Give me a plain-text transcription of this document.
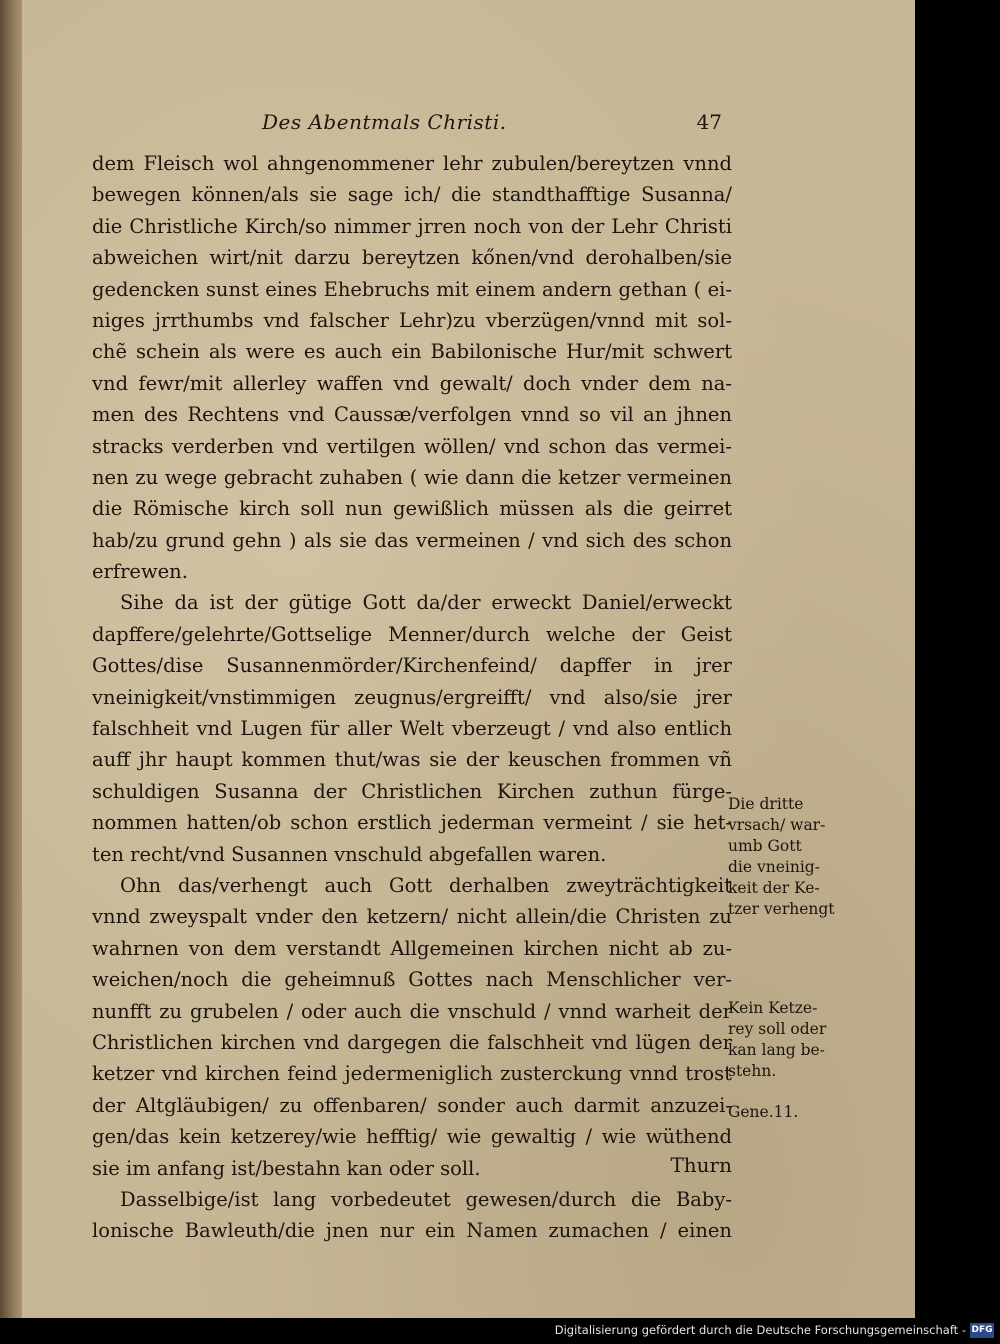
Des Abentmals Christi.	47
dem Fleisch wol ahngenommener lehr zubulen/bereytzen vnnd
bewegen können/als sie sage ich/ die standthafftige Susanna/
die Christliche Kirch/so nimmer jrren noch von der Lehr Christi
abweichen wirt/nit darzu bereytzen kőnen/vnd derohalben/sie
gedencken sunst eines Ehebruchs mit einem andern gethan ( ei-
niges jrrthumbs vnd falscher Lehr)zu vberzügen/vnnd mit sol-
chẽ schein als were es auch ein Babilonische Hur/mit schwert
vnd fewr/mit allerley waffen vnd gewalt/ doch vnder dem na-
men des Rechtens vnd Caussæ/verfolgen vnnd so vil an jhnen
stracks verderben vnd vertilgen wöllen/ vnd schon das vermei-
nen zu wege gebracht zuhaben ( wie dann die ketzer vermeinen
die Römische kirch soll nun gewißlich müssen als die geirret
hab/zu grund gehn ) als sie das vermeinen / vnd sich des schon
erfrewen.
Sihe da ist der gütige Gott da/der erweckt Daniel/erweckt
dapffere/gelehrte/Gottselige Menner/durch welche der Geist
Gottes/dise Susannenmörder/Kirchenfeind/ dapffer in jrer
vneinigkeit/vnstimmigen zeugnus/ergreifft/ vnd also/sie jrer
falschheit vnd Lugen für aller Welt vberzeugt / vnd also entlich
auff jhr haupt kommen thut/was sie der keuschen frommen vñ
schuldigen Susanna der Christlichen Kirchen zuthun fürge-
nommen hatten/ob schon erstlich jederman vermeint / sie het-
ten recht/vnd Susannen vnschuld abgefallen waren.
Ohn das/verhengt auch Gott derhalben zweyträchtigkeit
vnnd zweyspalt vnder den ketzern/ nicht allein/die Christen zu
wahrnen von dem verstandt Allgemeinen kirchen nicht ab zu-
weichen/noch die geheimnuß Gottes nach Menschlicher ver-
nunfft zu grubelen / oder auch die vnschuld / vnnd warheit der
Christlichen kirchen vnd dargegen die falschheit vnd lügen der
ketzer vnd kirchen feind jedermeniglich zusterckung vnnd trost
der Altgläubigen/ zu offenbaren/ sonder auch darmit anzuzei-
gen/das kein ketzerey/wie hefftig/ wie gewaltig / wie wüthend
sie im anfang ist/bestahn kan oder soll.
Dasselbige/ist lang vorbedeutet gewesen/durch die Baby-
lonische Bawleuth/die jnen nur ein Namen zumachen / einen
Die dritte
vrsach/ war-
umb Gott
die vneinig-
keit der Ke-
tzer verhengt
Kein Ketze-
rey soll oder
kan lang be-
stehn.
Gene.11.
Thurn
Digitalisierung gefördert durch die Deutsche Forschungsgemeinschaft - DFG
